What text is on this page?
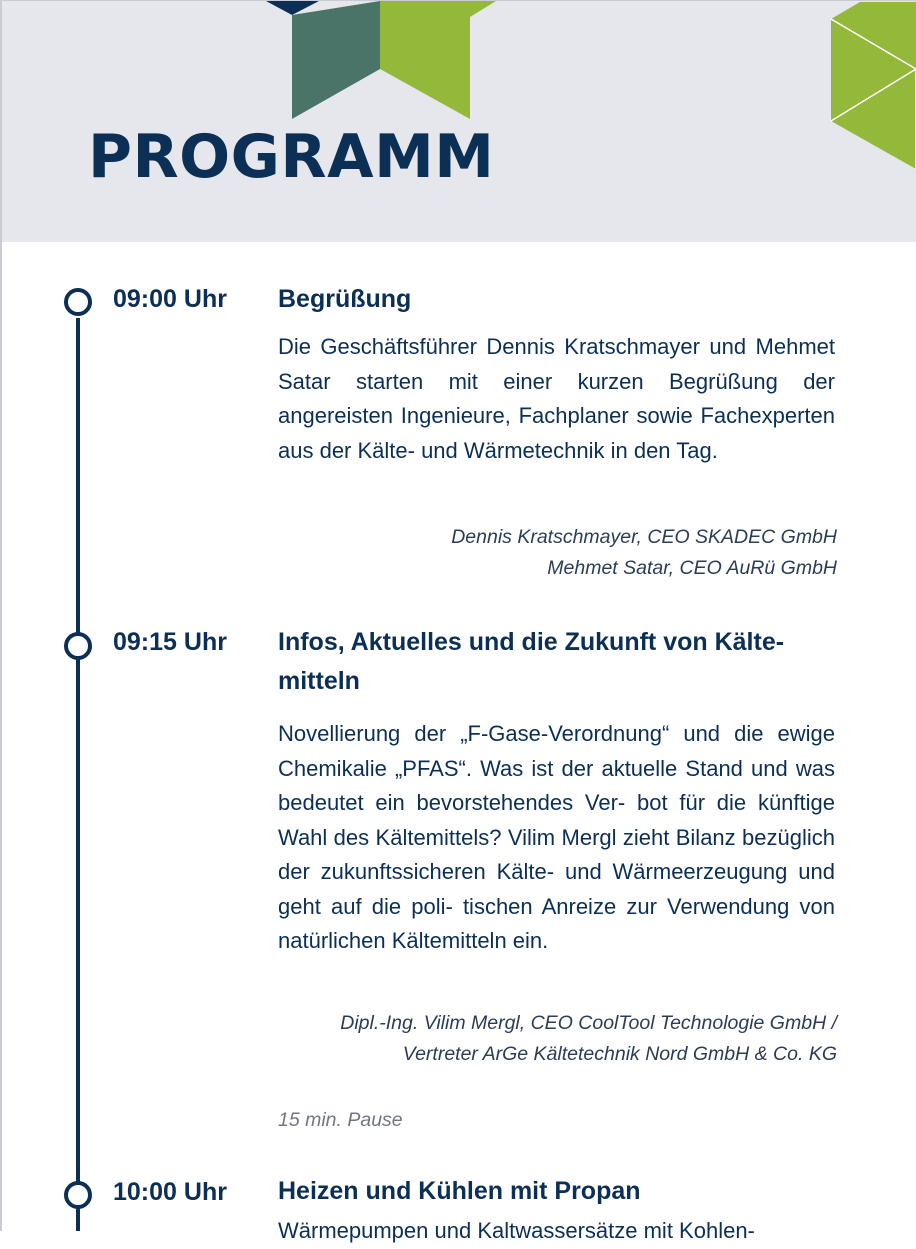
PROGRAMM
09:00 Uhr Begrüßung

Die Geschäftsführer Dennis Kratschmayer und Mehmet Satar starten mit einer kurzen Begrüßung der angereisten Ingenieure, Fachplaner sowie Fachexperten aus der Kälte- und Wärmetechnik in den Tag.

Dennis Kratschmayer, CEO SKADEC GmbH
Mehmet Satar, CEO AuRü GmbH
09:15 Uhr Infos, Aktuelles und die Zukunft von Kälte-
mitteln

Novellierung der „F-Gase-Verordnung“ und die ewige Chemikalie „PFAS“. Was ist der aktuelle Stand und was bedeutet ein bevorstehendes Ver- bot für die künftige Wahl des Kältemittels? Vilim Mergl zieht Bilanz bezüglich der zukunftssicheren Kälte- und Wärmeerzeugung und geht auf die poli- tischen Anreize zur Verwendung von natürlichen Kältemitteln ein.

Dipl.-Ing. Vilim Mergl, CEO CoolTool Technologie GmbH /
Vertreter ArGe Kältetechnik Nord GmbH & Co. KG
15 min. Pause
10:00 Uhr Heizen und Kühlen mit Propan

Wärmepumpen und Kaltwassersätze mit Kohlen-
